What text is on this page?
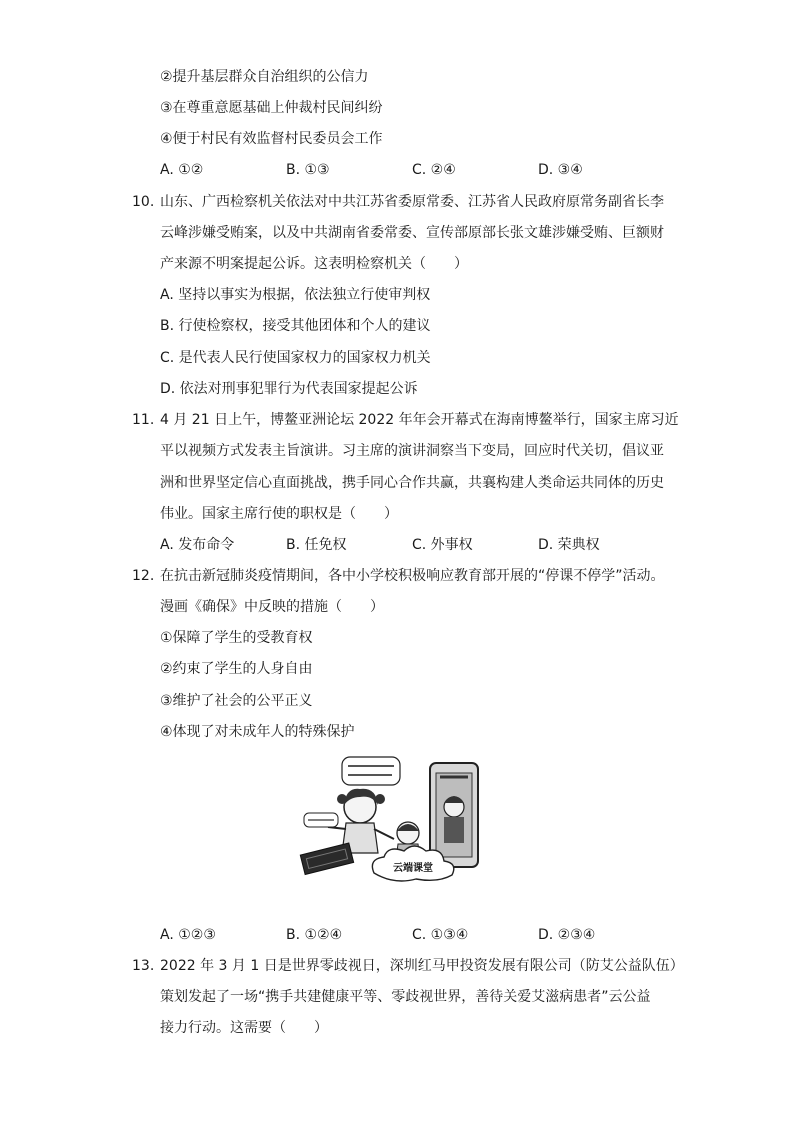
②提升基层群众自治组织的公信力
③在尊重意愿基础上仲裁村民间纠纷
④便于村民有效监督村民委员会工作
A. ①②	B. ①③	C. ②④	D. ③④
10. 山东、广西检察机关依法对中共江苏省委原常委、江苏省人民政府原常务副省长李
云峰涉嫌受贿案，以及中共湖南省委常委、宣传部原部长张文雄涉嫌受贿、巨额财
产来源不明案提起公诉。这表明检察机关（　　）
A. 坚持以事实为根据，依法独立行使审判权
B. 行使检察权，接受其他团体和个人的建议
C. 是代表人民行使国家权力的国家权力机关
D. 依法对刑事犯罪行为代表国家提起公诉
11. 4 月 21 日上午，博鳌亚洲论坛 2022 年年会开幕式在海南博鳌举行，国家主席习近
平以视频方式发表主旨演讲。习主席的演讲洞察当下变局，回应时代关切，倡议亚
洲和世界坚定信心直面挑战，携手同心合作共赢，共襄构建人类命运共同体的历史
伟业。国家主席行使的职权是（　　）
A. 发布命令	B. 任免权	C. 外事权	D. 荣典权
12. 在抗击新冠肺炎疫情期间，各中小学校积极响应教育部开展的“停课不停学”活动。
漫画《确保》中反映的措施（　　）
①保障了学生的受教育权
②约束了学生的人身自由
③维护了社会的公平正义
④体现了对未成年人的特殊保护
云端课堂
A. ①②③	B. ①②④	C. ①③④	D. ②③④
13. 2022 年 3 月 1 日是世界零歧视日，深圳红马甲投资发展有限公司（防艾公益队伍）
策划发起了一场“携手共建健康平等、零歧视世界，善待关爱艾滋病患者”云公益
接力行动。这需要（　　）
